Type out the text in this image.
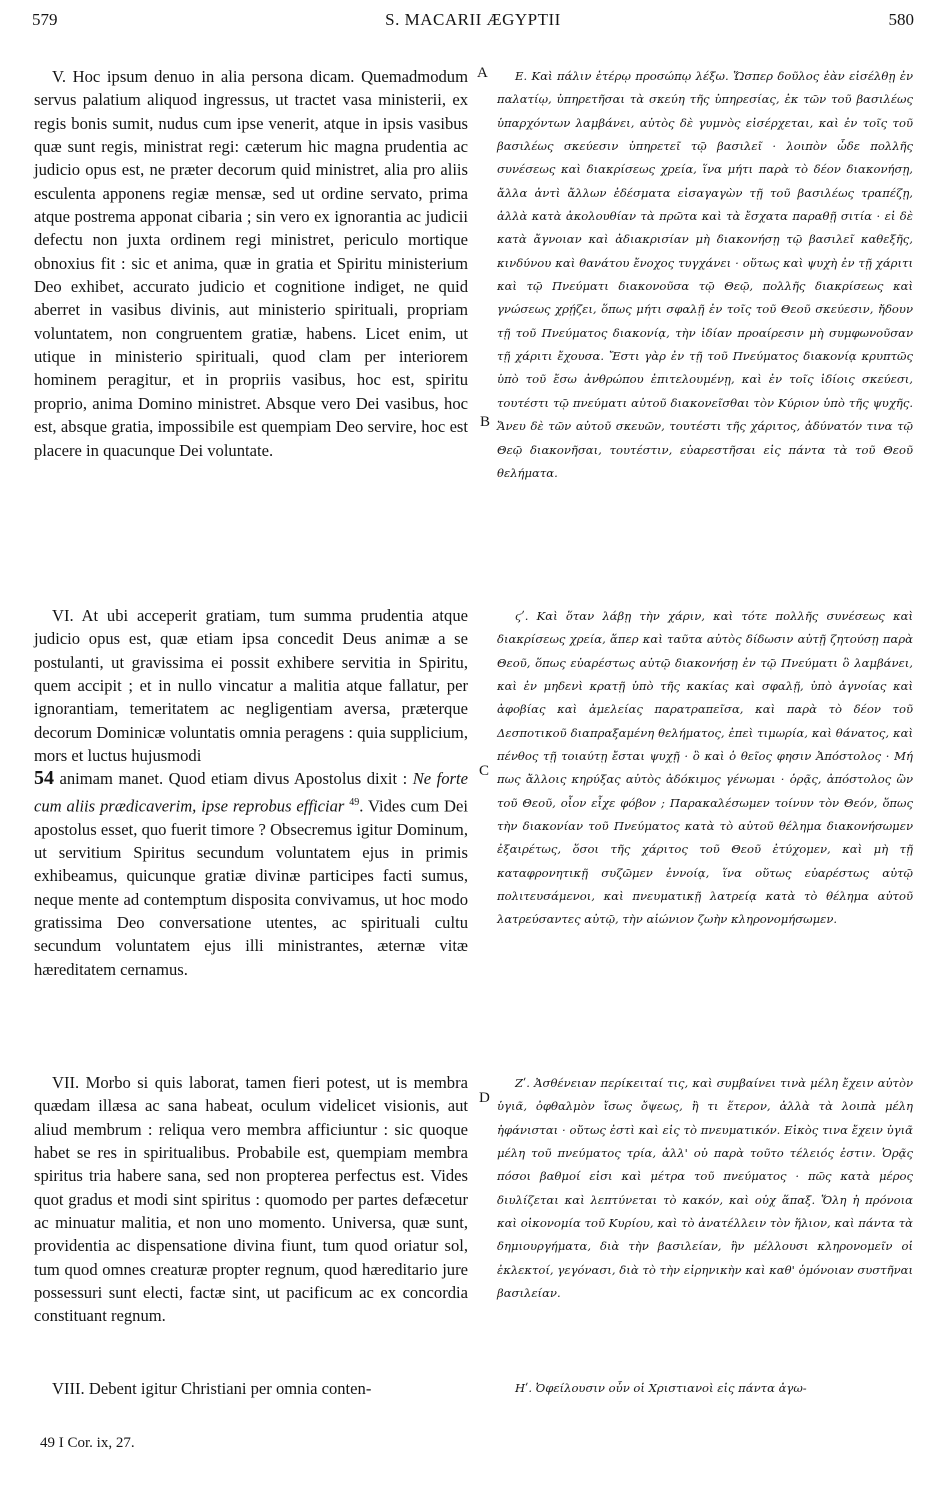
579	S. MACARII ÆGYPTII	580

V. Hoc ipsum denuo in alia persona dicam. Quemadmodum servus palatium aliquod ingressus, ut tractet vasa ministerii, ex regis bonis sumit, nudus cum ipse venerit, atque in ipsis vasibus quæ sunt regis, ministrat regi: cæterum hic magna prudentia ac judicio opus est, ne præter decorum quid ministret, alia pro aliis esculenta apponens regiæ mensæ, sed ut ordine servato, prima atque postrema apponat cibaria ; sin vero ex ignorantia ac judicii defectu non juxta ordinem regi ministret, periculo mortique obnoxius fit : sic et anima, quæ in gratia et Spiritu ministerium Deo exhibet, accurato judicio et cognitione indiget, ne quid aberret in vasibus divinis, aut ministerio spirituali, propriam voluntatem, non congruentem gratiæ, habens. Licet enim, ut utique in ministerio spirituali, quod clam per interiorem hominem peragitur, et in propriis vasibus, hoc est, spiritu proprio, anima Domino ministret. Absque vero Dei vasibus, hoc est, absque gratia, impossibile est quempiam Deo servire, hoc est placere in quacunque Dei voluntate.

VI. At ubi acceperit gratiam, tum summa prudentia atque judicio opus est, quæ etiam ipsa concedit Deus animæ a se postulanti, ut gravissima ei possit exhibere servitia in Spiritu, quem accipit ; et in nullo vincatur a malitia atque fallatur, per ignorantiam, temeritatem ac negligentiam aversa, præterque decorum Dominicæ voluntatis omnia peragens : quia supplicium, mors et luctus hujusmodi
54 animam manet. Quod etiam divus Apostolus dixit : Ne forte cum aliis prædicaverim, ipse reprobus efficiar $^{49}$. Vides cum Dei apostolus esset, quo fuerit timore ? Obsecremus igitur Dominum, ut servitium Spiritus secundum voluntatem ejus in primis exhibeamus, quicunque gratiæ divinæ participes facti sumus, neque mente ad contemptum disposita convivamus, ut hoc modo gratissima Deo conversatione utentes, ac spirituali cultu secundum voluntatem ejus illi ministrantes, æternæ vitæ hæreditatem cernamus.

VII. Morbo si quis laborat, tamen fieri potest, ut is membra quædam illæsa ac sana habeat, oculum videlicet visionis, aut aliud membrum : reliqua vero membra afficiuntur : sic quoque habet se res in spiritualibus. Probabile est, quempiam membra spiritus tria habere sana, sed non propterea perfectus est. Vides quot gradus et modi sint spiritus : quomodo per partes defæcetur ac minuatur malitia, et non uno momento. Universa, quæ sunt, providentia ac dispensatione divina fiunt, tum quod oriatur sol, tum quod omnes creaturæ propter regnum, quod hæreditario jure possessuri sunt electi, factæ sint, ut pacificum ac ex concordia constituant regnum.

VIII. Debent igitur Christiani per omnia conten-

A
B
C
D

Ε. Καὶ πάλιν ἑτέρῳ προσώπῳ λέξω. Ὥσπερ δοῦλος ἐὰν εἰσέλθῃ ἐν παλατίῳ, ὑπηρετῆσαι τὰ σκεύη τῆς ὑπηρεσίας, ἐκ τῶν τοῦ βασιλέως ὑπαρχόντων λαμβάνει, αὐτὸς δὲ γυμνὸς εἰσέρχεται, καὶ ἐν τοῖς τοῦ βασιλέως σκεύεσιν ὑπηρετεῖ τῷ βασιλεῖ · λοιπὸν ὧδε πολλῆς συνέσεως καὶ διακρίσεως χρεία, ἵνα μήτι παρὰ τὸ δέον διακονήσῃ, ἄλλα ἀντὶ ἄλλων ἐδέσματα εἰσαγαγὼν τῇ τοῦ βασιλέως τραπέζῃ, ἀλλὰ κατὰ ἀκολουθίαν τὰ πρῶτα καὶ τὰ ἔσχατα παραθῇ σιτία · εἰ δὲ κατὰ ἄγνοιαν καὶ ἀδιακρισίαν μὴ διακονήσῃ τῷ βασιλεῖ καθεξῆς, κινδύνου καὶ θανάτου ἔνοχος τυγχάνει · οὕτως καὶ ψυχὴ ἐν τῇ χάριτι καὶ τῷ Πνεύματι διακονοῦσα τῷ Θεῷ, πολλῆς διακρίσεως καὶ γνώσεως χρῄζει, ὅπως μήτι σφαλῇ ἐν τοῖς τοῦ Θεοῦ σκεύεσιν, ἤδουν τῇ τοῦ Πνεύματος διακονίᾳ, τὴν ἰδίαν προαίρεσιν μὴ συμφωνοῦσαν τῇ χάριτι ἔχουσα. Ἔστι γὰρ ἐν τῇ τοῦ Πνεύματος διακονίᾳ κρυπτῶς ὑπὸ τοῦ ἔσω ἀνθρώπου ἐπιτελουμένῃ, καὶ ἐν τοῖς ἰδίοις σκεύεσι, τουτέστι τῷ πνεύματι αὐτοῦ διακονεῖσθαι τὸν Κύριον ὑπὸ τῆς ψυχῆς. Ἄνευ δὲ τῶν αὐτοῦ σκευῶν, τουτέστι τῆς χάριτος, ἀδύνατόν τινα τῷ Θεῷ διακονῆσαι, τουτέστιν, εὐαρεστῆσαι εἰς πάντα τὰ τοῦ Θεοῦ θελήματα.

ϛʹ. Καὶ ὅταν λάβῃ τὴν χάριν, καὶ τότε πολλῆς συνέσεως καὶ διακρίσεως χρεία, ἅπερ καὶ ταῦτα αὐτὸς δίδωσιν αὐτῇ ζητούσῃ παρὰ Θεοῦ, ὅπως εὐαρέστως αὐτῷ διακονήσῃ ἐν τῷ Πνεύματι ὃ λαμβάνει, καὶ ἐν μηδενὶ κρατῇ ὑπὸ τῆς κακίας καὶ σφαλῇ, ὑπὸ ἀγνοίας καὶ ἀφοβίας καὶ ἀμελείας παρατραπεῖσα, καὶ παρὰ τὸ δέον τοῦ Δεσποτικοῦ διαπραξαμένη θελήματος, ἐπεὶ τιμωρία, καὶ θάνατος, καὶ πένθος τῇ τοιαύτῃ ἔσται ψυχῇ · ὃ καὶ ὁ θεῖος φησιν Ἀπόστολος · Μή πως ἄλλοις κηρύξας αὐτὸς ἀδόκιμος γένωμαι · ὁρᾷς, ἀπόστολος ὢν τοῦ Θεοῦ, οἷον εἶχε φόβον ; Παρακαλέσωμεν τοίνυν τὸν Θεόν, ὅπως τὴν διακονίαν τοῦ Πνεύματος κατὰ τὸ αὐτοῦ θέλημα διακονήσωμεν ἐξαιρέτως, ὅσοι τῆς χάριτος τοῦ Θεοῦ ἐτύχομεν, καὶ μὴ τῇ καταφρονητικῇ συζῶμεν ἐννοίᾳ, ἵνα οὕτως εὐαρέστως αὐτῷ πολιτευσάμενοι, καὶ πνευματικῇ λατρείᾳ κατὰ τὸ θέλημα αὐτοῦ λατρεύσαντες αὐτῷ, τὴν αἰώνιον ζωὴν κληρονομήσωμεν.

Ζʹ. Ἀσθένειαν περίκειταί τις, καὶ συμβαίνει τινὰ μέλη ἔχειν αὐτὸν ὑγιᾶ, ὀφθαλμὸν ἴσως ὄψεως, ἢ τι ἕτερον, ἀλλὰ τὰ λοιπὰ μέλη ἠφάνισται · οὕτως ἐστὶ καὶ εἰς τὸ πνευματικόν. Εἰκὸς τινα ἔχειν ὑγιᾶ μέλη τοῦ πνεύματος τρία, ἀλλ' οὐ παρὰ τοῦτο τέλειός ἐστιν. Ὁρᾷς πόσοι βαθμοί εἰσι καὶ μέτρα τοῦ πνεύματος · πῶς κατὰ μέρος διυλίζεται καὶ λεπτύνεται τὸ κακόν, καὶ οὐχ ἅπαξ. Ὅλη ἡ πρόνοια καὶ οἰκονομία τοῦ Κυρίου, καὶ τὸ ἀνατέλλειν τὸν ἥλιον, καὶ πάντα τὰ δημιουργήματα, διὰ τὴν βασιλείαν, ἣν μέλλουσι κληρονομεῖν οἱ ἐκλεκτοί, γεγόνασι, διὰ τὸ τὴν εἰρηνικὴν καὶ καθ' ὁμόνοιαν συστῆναι βασιλείαν.

Ηʹ. Ὀφείλουσιν οὖν οἱ Χριστιανοὶ εἰς πάντα ἀγω-

49 I Cor. ix, 27.
